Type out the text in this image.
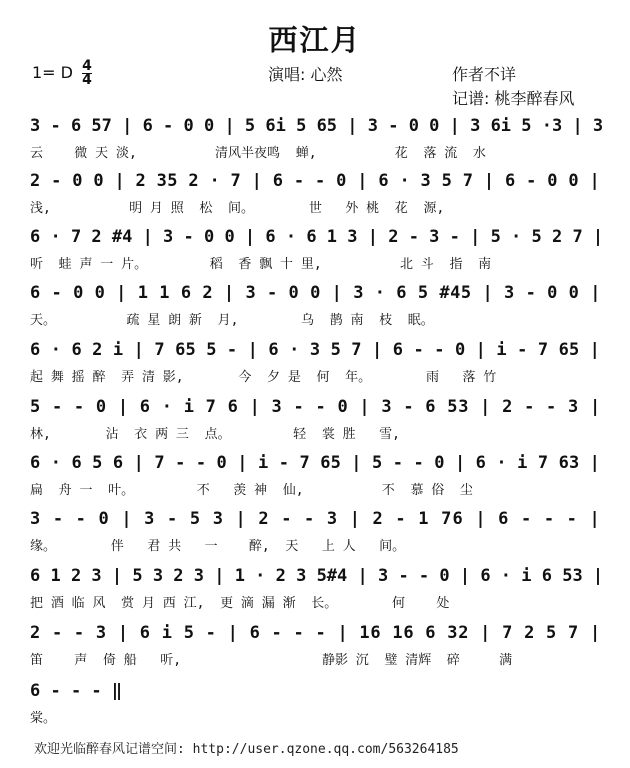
西江月
1= D $\frac{4}{4}$	演唱: 心然	作者不详
记谱: 桃李醉春风
3 - 6 57 | 6 - 0 0 | 5 6i 5 65 | 3 - 0 0 | 3 6i 5 ·3 | 3
云    微 天 淡,          清风半夜鸣  蝉,          花  落 流  水
2 - 0 0 | 2 35 2 · 7 | 6 - - 0 | 6 · 3 5 7 | 6 - 0 0 |
浅,          明 月 照  松  间。       世   外 桃  花  源,
6 · 7 2 #4 | 3 - 0 0 | 6 · 6 1 3 | 2 - 3 - | 5 · 5 2 7 |
听  蛙 声 一 片。        稻  香 飘 十 里,          北 斗  指  南
6 - 0 0 | 1 1 6 2 | 3 - 0 0 | 3 · 6 5 #45 | 3 - 0 0 |
天。         疏 星 朗 新  月,        乌  鹊 南  枝  眠。
6 · 6 2 i | 7 65 5 - | 6 · 3 5 7 | 6 - - 0 | i - 7 65 |
起 舞 摇 醉  弄 清 影,       今  夕 是  何  年。       雨   落 竹
5 - - 0 | 6 · i 7 6 | 3 - - 0 | 3 - 6 53 | 2 - - 3 |
林,       沾  衣 两 三  点。        轻  裳 胜   雪,
6 · 6 5 6 | 7 - - 0 | i - 7 65 | 5 - - 0 | 6 · i 7 63 |
扁  舟 一  叶。        不   羡 神  仙,          不  慕 俗  尘
3 - - 0 | 3 - 5 3 | 2 - - 3 | 2 - 1 76 | 6 - - - |
缘。       伴   君 共   一    醉,  天   上 人   间。
6 1 2 3 | 5 3 2 3 | 1 · 2 3 5#4 | 3 - - 0 | 6 · i 6 53 |
把 酒 临 风  赏 月 西 江,  更 滴 漏 渐  长。       何    处
2 - - 3 | 6 i 5 - | 6 - - - | 16 16 6 32 | 7 2 5 7 |
笛    声  倚 船   听,                  静影 沉  璧 清辉  碎     满
6 - - - ‖
棠。
欢迎光临醉春风记谱空间: http://user.qzone.qq.com/563264185
